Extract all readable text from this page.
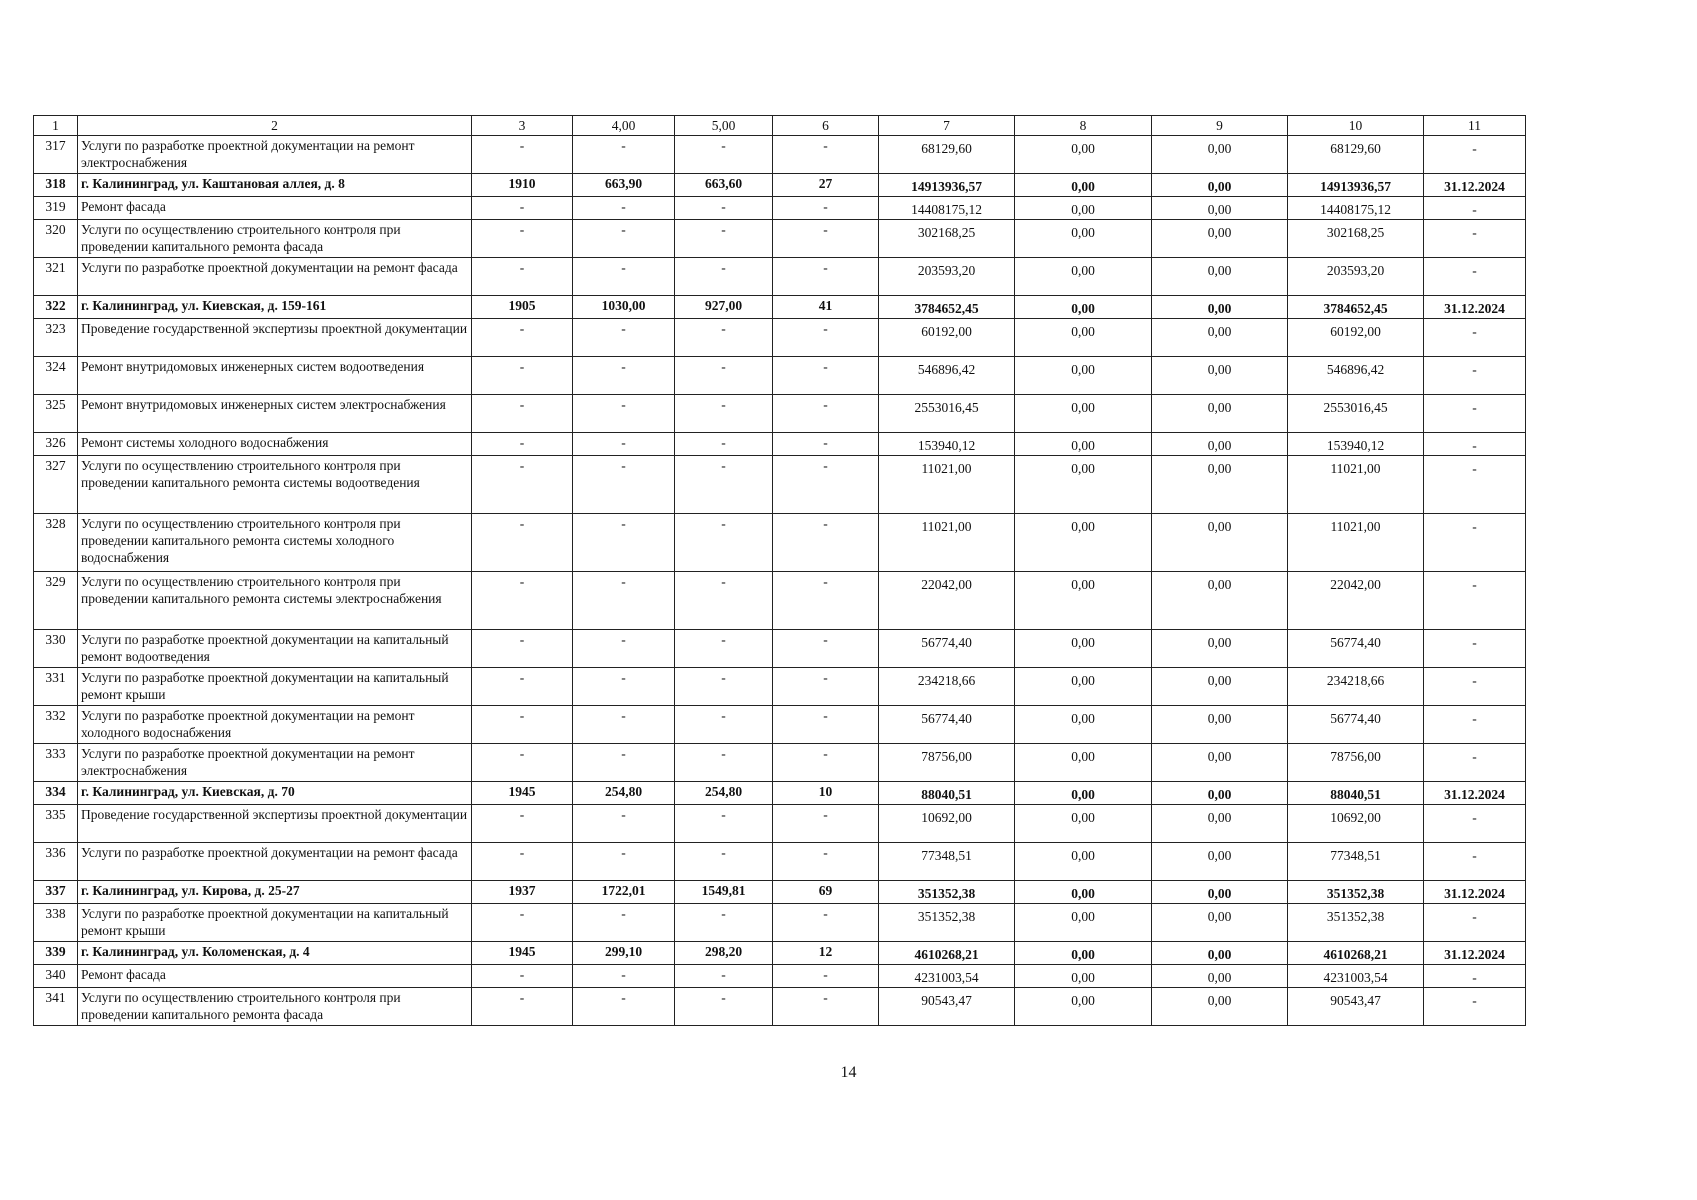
1	2	3	4,00	5,00	6	7	8	9	10	11
317	Услуги по разработке проектной документации на ремонт электроснабжения	-	-	-	-	68129,60	0,00	0,00	68129,60	-
318	г. Калининград, ул. Каштановая аллея, д. 8	1910	663,90	663,60	27	14913936,57	0,00	0,00	14913936,57	31.12.2024
319	Ремонт фасада	-	-	-	-	14408175,12	0,00	0,00	14408175,12	-
320	Услуги по осуществлению строительного контроля при проведении капитального ремонта фасада	-	-	-	-	302168,25	0,00	0,00	302168,25	-
321	Услуги по разработке проектной документации на ремонт фасада	-	-	-	-	203593,20	0,00	0,00	203593,20	-
322	г. Калининград, ул. Киевская, д. 159-161	1905	1030,00	927,00	41	3784652,45	0,00	0,00	3784652,45	31.12.2024
323	Проведение государственной экспертизы проектной документации	-	-	-	-	60192,00	0,00	0,00	60192,00	-
324	Ремонт внутридомовых инженерных систем водоотведения	-	-	-	-	546896,42	0,00	0,00	546896,42	-
325	Ремонт внутридомовых инженерных систем электроснабжения	-	-	-	-	2553016,45	0,00	0,00	2553016,45	-
326	Ремонт системы холодного водоснабжения	-	-	-	-	153940,12	0,00	0,00	153940,12	-
327	Услуги по осуществлению строительного контроля при проведении капитального ремонта системы водоотведения	-	-	-	-	11021,00	0,00	0,00	11021,00	-
328	Услуги по осуществлению строительного контроля при проведении капитального ремонта системы холодного водоснабжения	-	-	-	-	11021,00	0,00	0,00	11021,00	-
329	Услуги по осуществлению строительного контроля при проведении капитального ремонта системы электроснабжения	-	-	-	-	22042,00	0,00	0,00	22042,00	-
330	Услуги по разработке проектной документации на капитальный ремонт водоотведения	-	-	-	-	56774,40	0,00	0,00	56774,40	-
331	Услуги по разработке проектной документации на капитальный ремонт крыши	-	-	-	-	234218,66	0,00	0,00	234218,66	-
332	Услуги по разработке проектной документации на ремонт холодного водоснабжения	-	-	-	-	56774,40	0,00	0,00	56774,40	-
333	Услуги по разработке проектной документации на ремонт электроснабжения	-	-	-	-	78756,00	0,00	0,00	78756,00	-
334	г. Калининград, ул. Киевская, д. 70	1945	254,80	254,80	10	88040,51	0,00	0,00	88040,51	31.12.2024
335	Проведение государственной экспертизы проектной документации	-	-	-	-	10692,00	0,00	0,00	10692,00	-
336	Услуги по разработке проектной документации на ремонт фасада	-	-	-	-	77348,51	0,00	0,00	77348,51	-
337	г. Калининград, ул. Кирова, д. 25-27	1937	1722,01	1549,81	69	351352,38	0,00	0,00	351352,38	31.12.2024
338	Услуги по разработке проектной документации на капитальный ремонт крыши	-	-	-	-	351352,38	0,00	0,00	351352,38	-
339	г. Калининград, ул. Коломенская, д. 4	1945	299,10	298,20	12	4610268,21	0,00	0,00	4610268,21	31.12.2024
340	Ремонт фасада	-	-	-	-	4231003,54	0,00	0,00	4231003,54	-
341	Услуги по осуществлению строительного контроля при проведении капитального ремонта фасада	-	-	-	-	90543,47	0,00	0,00	90543,47	-
14
